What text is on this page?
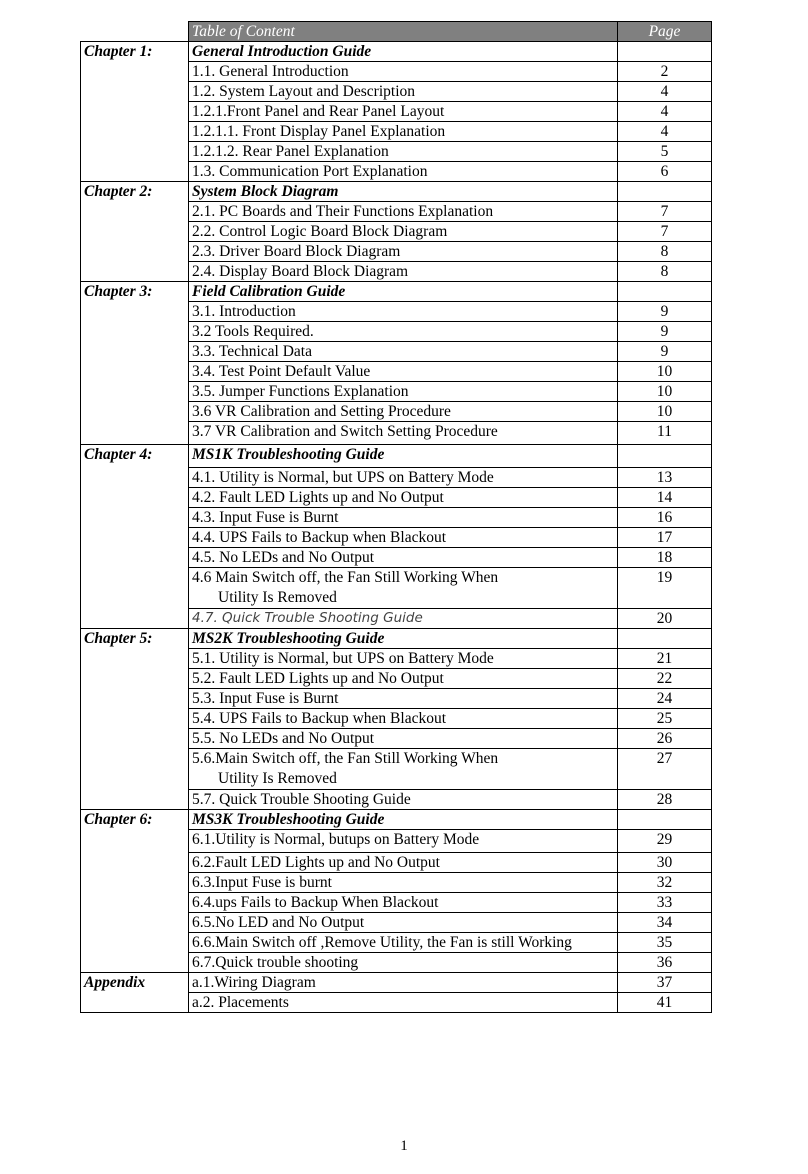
	Table of Content	Page
Chapter 1:	General Introduction Guide	
	1.1. General Introduction	2
	1.2. System Layout and Description	4
	1.2.1.Front Panel and Rear Panel Layout	4
	1.2.1.1. Front Display Panel Explanation	4
	1.2.1.2. Rear Panel Explanation	5
	1.3. Communication Port Explanation	6
Chapter 2:	System Block Diagram	
	2.1. PC Boards and Their Functions Explanation	7
	2.2. Control Logic Board Block Diagram	7
	2.3. Driver Board Block Diagram	8
	2.4. Display Board Block Diagram	8
Chapter 3:	Field Calibration Guide	
	3.1. Introduction	9
	3.2 Tools Required.	9
	3.3. Technical Data	9
	3.4. Test Point Default Value	10
	3.5. Jumper Functions Explanation	10
	3.6 VR Calibration and Setting Procedure	10
	3.7 VR Calibration and Switch Setting Procedure	11
Chapter 4:	MS1K Troubleshooting Guide	
	4.1. Utility is Normal, but UPS on Battery Mode	13
	4.2. Fault LED Lights up and No Output	14
	4.3. Input Fuse is Burnt	16
	4.4. UPS Fails to Backup when Blackout	17
	4.5. No LEDs and No Output	18

	4.6 Main Switch off, the Fan Still Working When
Utility Is Removed	19
	4.7. Quick Trouble Shooting Guide	20
Chapter 5:	MS2K Troubleshooting Guide	
	5.1. Utility is Normal, but UPS on Battery Mode	21
	5.2. Fault LED Lights up and No Output	22
	5.3. Input Fuse is Burnt	24
	5.4. UPS Fails to Backup when Blackout	25
	5.5. No LEDs and No Output	26

	5.6.Main Switch off, the Fan Still Working When
Utility Is Removed	27
	5.7. Quick Trouble Shooting Guide	28
Chapter 6:	MS3K Troubleshooting Guide	
	6.1.Utility is Normal, butups on Battery Mode	29
	6.2.Fault LED Lights up and No Output	30
	6.3.Input Fuse is burnt	32
	6.4.ups Fails to Backup When Blackout	33
	6.5.No LED and No Output	34
	6.6.Main Switch off ,Remove Utility, the Fan is still Working	35
	6.7.Quick trouble shooting	36
Appendix	a.1.Wiring Diagram	37
	a.2. Placements	41
1
